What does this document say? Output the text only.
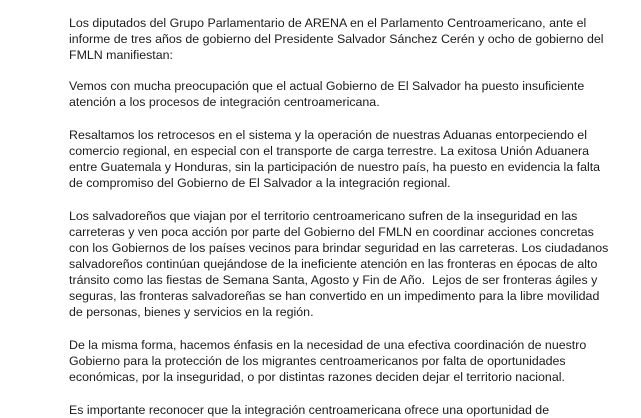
Los diputados del Grupo Parlamentario de ARENA en el Parlamento Centroamericano, ante el
informe de tres años de gobierno del Presidente Salvador Sánchez Cerén y ocho de gobierno del
FMLN manifiestan:
Vemos con mucha preocupación que el actual Gobierno de El Salvador ha puesto insuficiente
atención a los procesos de integración centroamericana.
Resaltamos los retrocesos en el sistema y la operación de nuestras Aduanas entorpeciendo el
comercio regional, en especial con el transporte de carga terrestre. La exitosa Unión Aduanera
entre Guatemala y Honduras, sin la participación de nuestro país, ha puesto en evidencia la falta
de compromiso del Gobierno de El Salvador a la integración regional.
Los salvadoreños que viajan por el territorio centroamericano sufren de la inseguridad en las
carreteras y ven poca acción por parte del Gobierno del FMLN en coordinar acciones concretas
con los Gobiernos de los países vecinos para brindar seguridad en las carreteras. Los ciudadanos
salvadoreños continúan quejándose de la ineficiente atención en las fronteras en épocas de alto
tránsito como las fiestas de Semana Santa, Agosto y Fin de Año.  Lejos de ser fronteras ágiles y
seguras, las fronteras salvadoreñas se han convertido en un impedimento para la libre movilidad
de personas, bienes y servicios en la región.
De la misma forma, hacemos énfasis en la necesidad de una efectiva coordinación de nuestro
Gobierno para la protección de los migrantes centroamericanos por falta de oportunidades
económicas, por la inseguridad, o por distintas razones deciden dejar el territorio nacional.
Es importante reconocer que la integración centroamericana ofrece una oportunidad de
